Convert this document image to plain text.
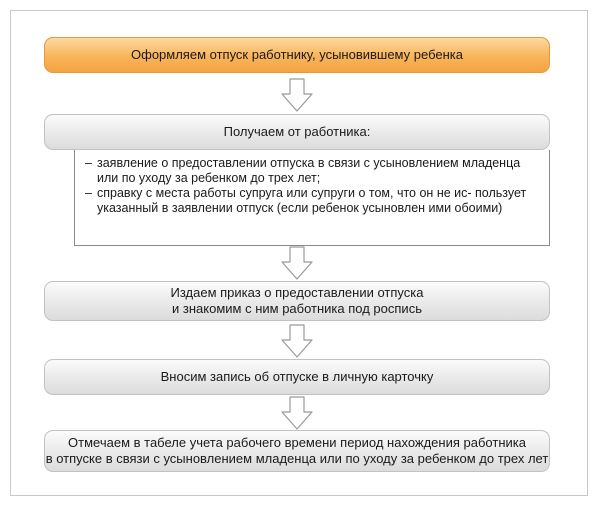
Оформляем отпуск работнику, усыновившему ребенка
Получаем от работника:

– заявление о предоставлении отпуска в связи с усыновлением младенца или по уходу за ребенком до трех лет;

– справку с места работы супруга или супруги о том, что он не ис- пользует указанный в заявлении отпуск (если ребенок усыновлен ими обоими)

Издаем приказ о предоставлении отпуска
и знакомим с ним работника под роспись
Вносим запись об отпуске в личную карточку
Отмечаем в табеле учета рабочего времени период нахождения работника
в отпуске в связи с усыновлением младенца или по уходу за ребенком до трех лет
